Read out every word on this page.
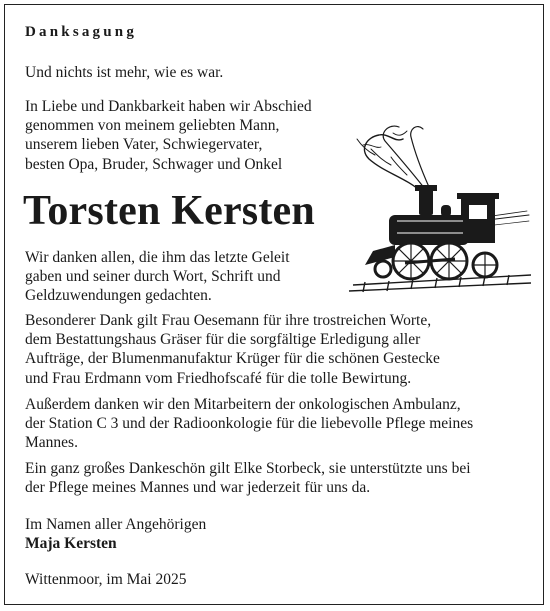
Danksagung

Und nichts ist mehr, wie es war.

In Liebe und Dankbarkeit haben wir Abschied
genommen von meinem geliebten Mann,
unserem lieben Vater, Schwiegervater,
besten Opa, Bruder, Schwager und Onkel

Torsten Kersten

Wir danken allen, die ihm das letzte Geleit
gaben und seiner durch Wort, Schrift und
Geldzuwendungen gedachten.

Besonderer Dank gilt Frau Oesemann für ihre trostreichen Worte,
dem Bestattungshaus Gräser für die sorgfältige Erledigung aller
Aufträge, der Blumenmanufaktur Krüger für die schönen Gestecke
und Frau Erdmann vom Friedhofscafé für die tolle Bewirtung.

Außerdem danken wir den Mitarbeitern der onkologischen Ambulanz,
der Station C 3 und der Radioonkologie für die liebevolle Pflege meines
Mannes.

Ein ganz großes Dankeschön gilt Elke Storbeck, sie unterstützte uns bei
der Pflege meines Mannes und war jederzeit für uns da.

Im Namen aller Angehörigen

Maja Kersten

Wittenmoor, im Mai 2025
